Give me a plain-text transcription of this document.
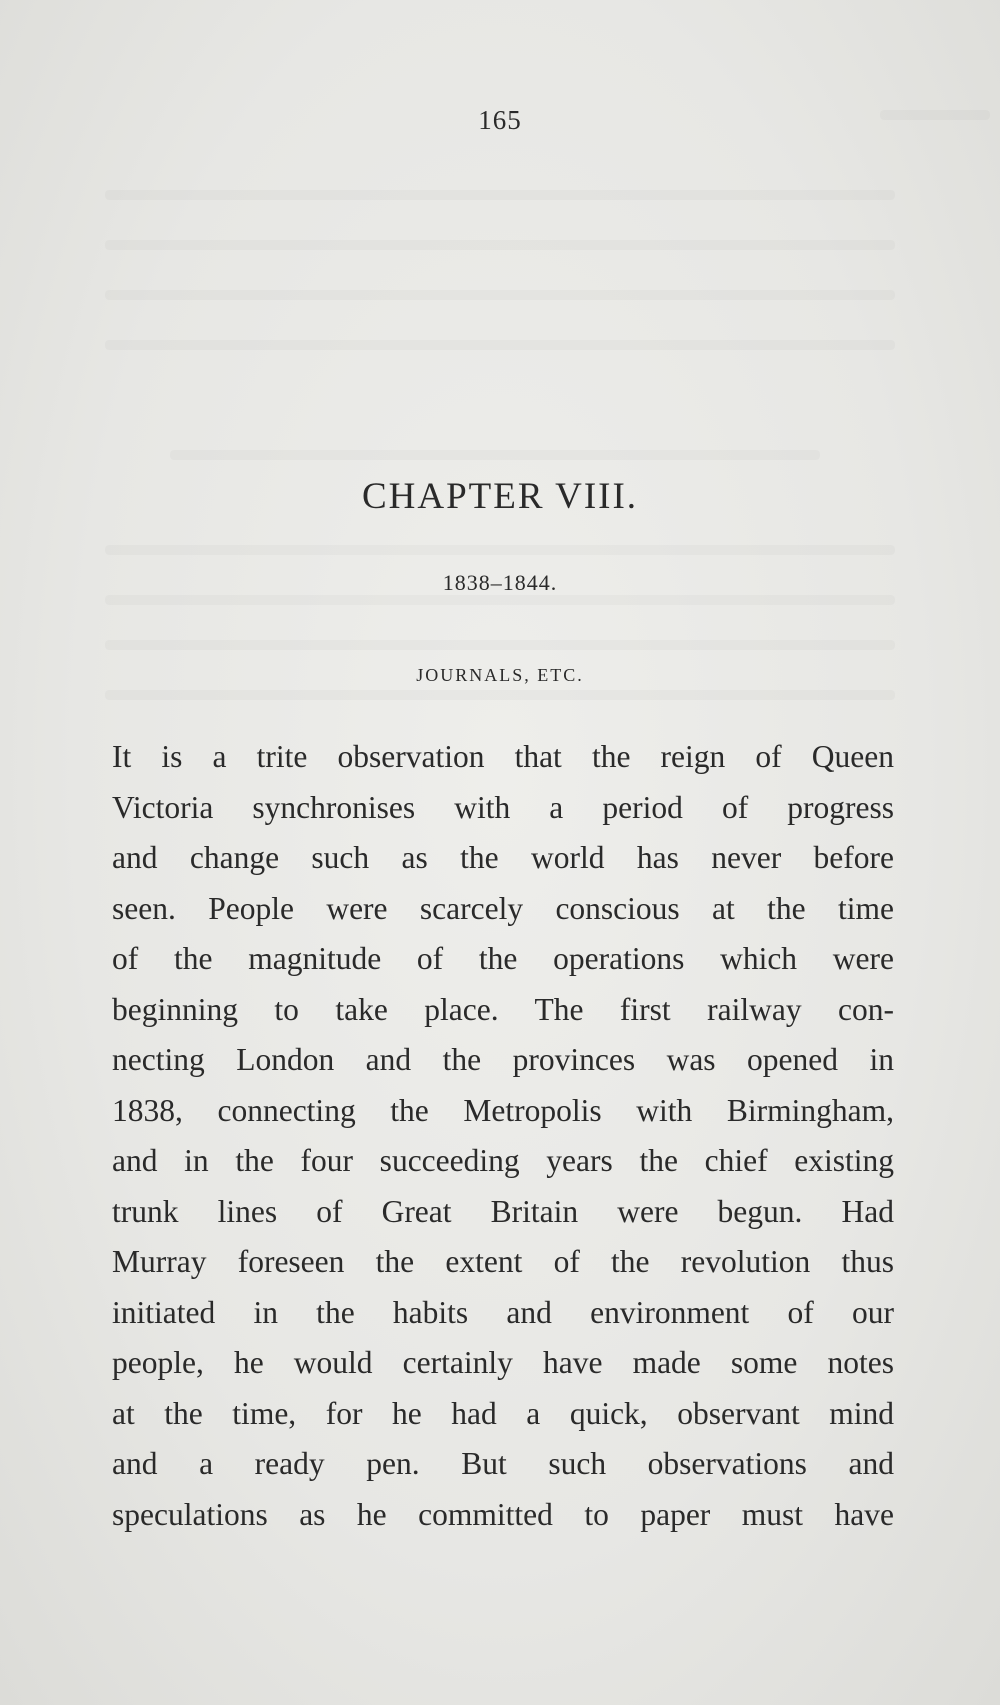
165
CHAPTER VIII.
1838–1844.
JOURNALS, ETC.
It is a trite observation that the reign of Queen
Victoria synchronises with a period of progress
and change such as the world has never before
seen. People were scarcely conscious at the time
of the magnitude of the operations which were
beginning to take place. The first railway con-
necting London and the provinces was opened in
1838, connecting the Metropolis with Birmingham,
and in the four succeeding years the chief existing
trunk lines of Great Britain were begun. Had
Murray foreseen the extent of the revolution thus
initiated in the habits and environment of our
people, he would certainly have made some notes
at the time, for he had a quick, observant mind
and a ready pen. But such observations and
speculations as he committed to paper must have
